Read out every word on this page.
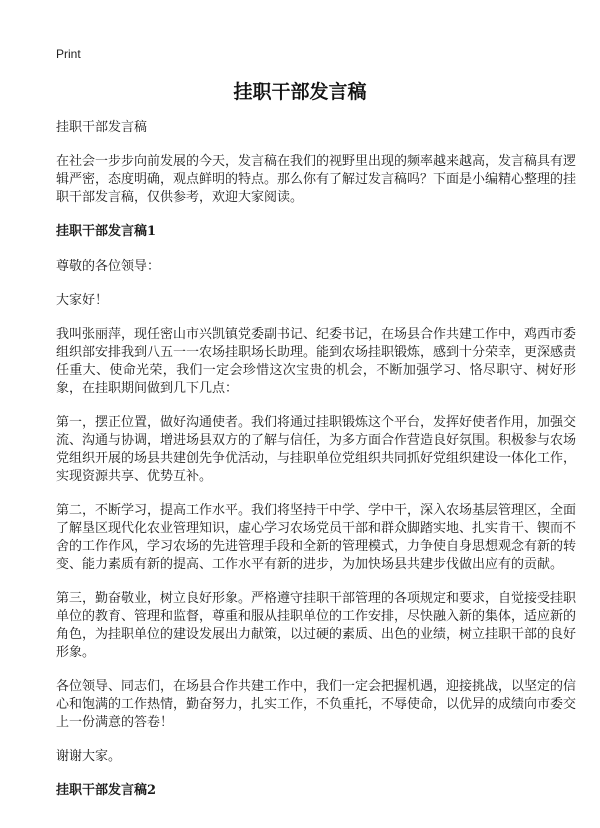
Print
挂职干部发言稿

挂职干部发言稿

在社会一步步向前发展的今天，发言稿在我们的视野里出现的频率越来越高，发言稿具有逻辑严密，态度明确，观点鲜明的特点。那么你有了解过发言稿吗？下面是小编精心整理的挂职干部发言稿，仅供参考，欢迎大家阅读。

挂职干部发言稿1

尊敬的各位领导：

大家好！

我叫张丽萍，现任密山市兴凯镇党委副书记、纪委书记，在场县合作共建工作中，鸡西市委组织部安排我到八五一一农场挂职场长助理。能到农场挂职锻炼，感到十分荣幸，更深感责任重大、使命光荣，我们一定会珍惜这次宝贵的机会，不断加强学习、恪尽职守、树好形象，在挂职期间做到几下几点：

第一，摆正位置，做好沟通使者。我们将通过挂职锻炼这个平台，发挥好使者作用，加强交流、沟通与协调，增进场县双方的了解与信任，为多方面合作营造良好氛围。积极参与农场党组织开展的场县共建创先争优活动，与挂职单位党组织共同抓好党组织建设一体化工作，实现资源共享、优势互补。

第二，不断学习，提高工作水平。我们将坚持干中学、学中干，深入农场基层管理区，全面了解垦区现代化农业管理知识，虚心学习农场党员干部和群众脚踏实地、扎实肯干、锲而不舍的工作作风，学习农场的先进管理手段和全新的管理模式，力争使自身思想观念有新的转变、能力素质有新的提高、工作水平有新的进步，为加快场县共建步伐做出应有的贡献。

第三，勤奋敬业，树立良好形象。严格遵守挂职干部管理的各项规定和要求，自觉接受挂职单位的教育、管理和监督，尊重和服从挂职单位的工作安排，尽快融入新的集体，适应新的角色，为挂职单位的建设发展出力献策，以过硬的素质、出色的业绩，树立挂职干部的良好形象。

各位领导、同志们，在场县合作共建工作中，我们一定会把握机遇，迎接挑战，以坚定的信心和饱满的工作热情，勤奋努力，扎实工作，不负重托，不辱使命，以优异的成绩向市委交上一份满意的答卷！

谢谢大家。

挂职干部发言稿2
